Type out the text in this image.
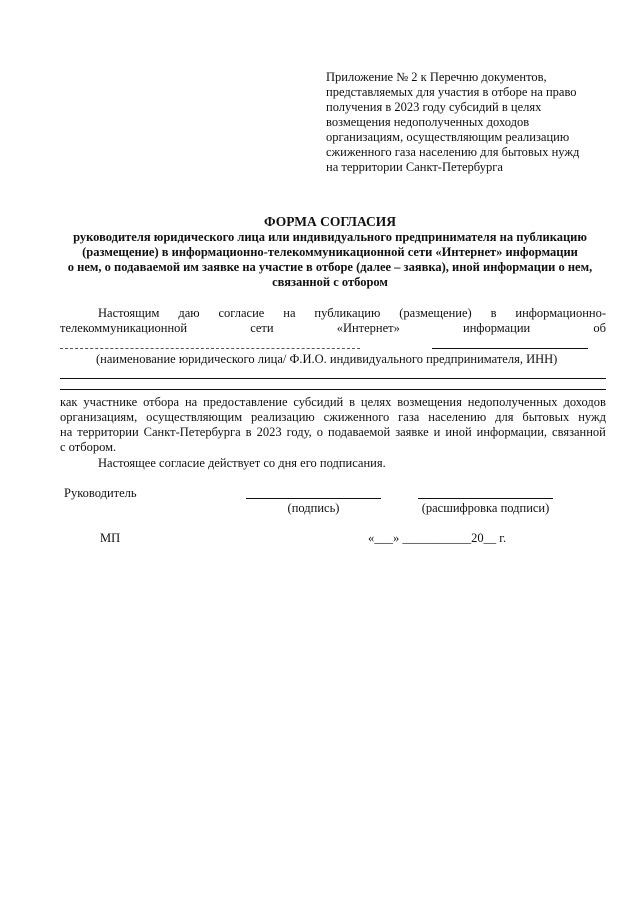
Приложение № 2 к Перечню документов,
представляемых для участия в отборе на право
получения в 2023 году субсидий в целях
возмещения недополученных доходов
организациям, осуществляющим реализацию
сжиженного газа населению для бытовых нужд
на территории Санкт-Петербурга
ФОРМА СОГЛАСИЯ
руководителя юридического лица или индивидуального предпринимателя на публикацию
(размещение) в информационно-телекоммуникационной сети «Интернет» информации
о нем, о подаваемой им заявке на участие в отборе (далее – заявка), иной информации о нем,
связанной с отбором
Настоящим даю согласие на публикацию (размещение) в информационно-
телекоммуникационной	сети	«Интернет»	информации	об
(наименование юридического лица/ Ф.И.О. индивидуального предпринимателя, ИНН)
как участнике отбора на предоставление субсидий в целях возмещения недополученных доходов
организациям, осуществляющим реализацию сжиженного газа населению для бытовых нужд
на территории Санкт-Петербурга в 2023 году, о подаваемой заявке и иной информации, связанной
с отбором.
Настоящее согласие действует со дня его подписания.
Руководитель
(подпись)	(расшифровка подписи)
МП	«___» ___________20__ г.
